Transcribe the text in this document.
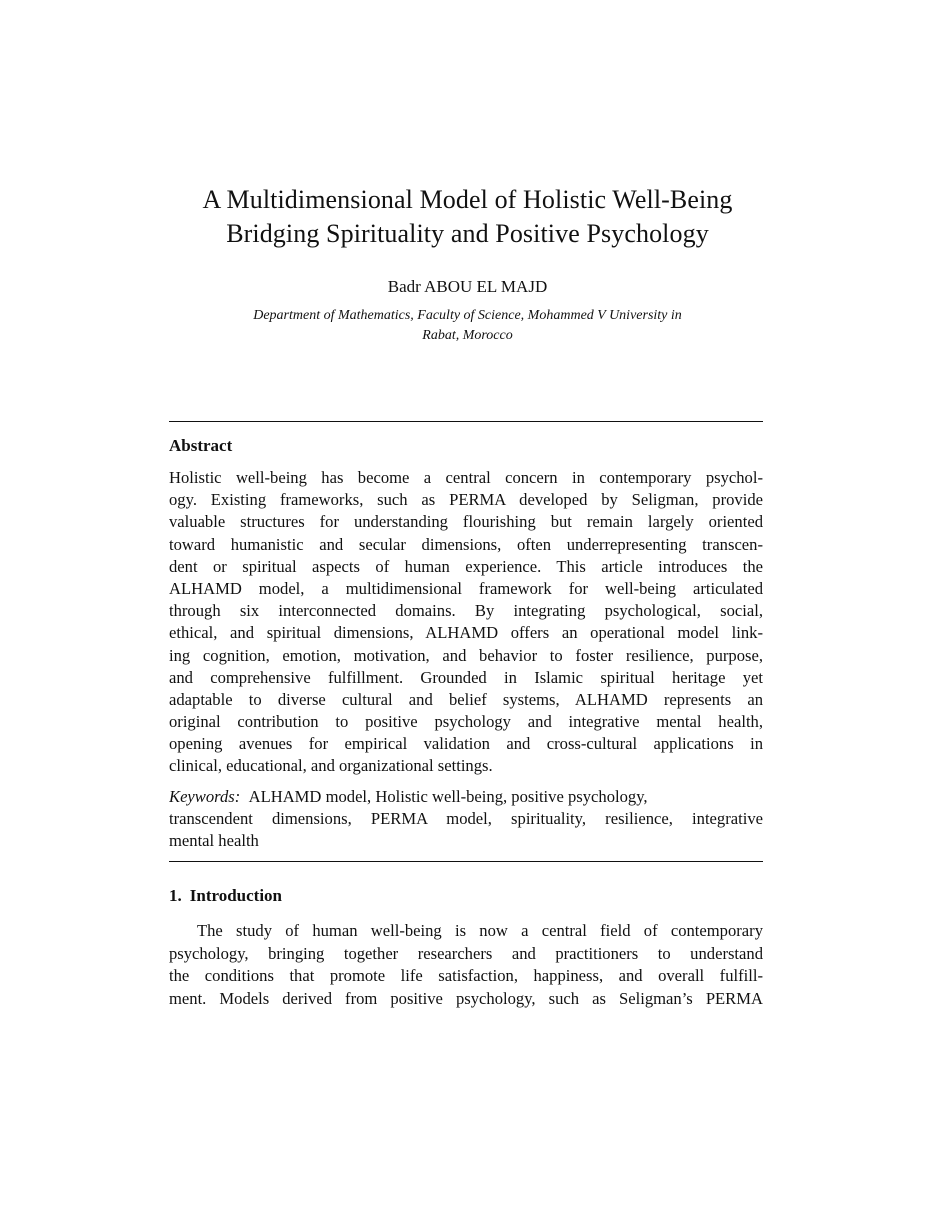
A Multidimensional Model of Holistic Well-Being
Bridging Spirituality and Positive Psychology
Badr ABOU EL MAJD
Department of Mathematics, Faculty of Science, Mohammed V University in
Rabat, Morocco
Abstract
Holistic well-being has become a central concern in contemporary psychol-
ogy. Existing frameworks, such as PERMA developed by Seligman, provide
valuable structures for understanding flourishing but remain largely oriented
toward humanistic and secular dimensions, often underrepresenting transcen-
dent or spiritual aspects of human experience. This article introduces the
ALHAMD model, a multidimensional framework for well-being articulated
through six interconnected domains. By integrating psychological, social,
ethical, and spiritual dimensions, ALHAMD offers an operational model link-
ing cognition, emotion, motivation, and behavior to foster resilience, purpose,
and comprehensive fulfillment. Grounded in Islamic spiritual heritage yet
adaptable to diverse cultural and belief systems, ALHAMD represents an
original contribution to positive psychology and integrative mental health,
opening avenues for empirical validation and cross-cultural applications in
clinical, educational, and organizational settings.
Keywords: ALHAMD model, Holistic well-being, positive psychology,
transcendent dimensions, PERMA model, spirituality, resilience, integrative
mental health
1. Introduction
The study of human well-being is now a central field of contemporary
psychology, bringing together researchers and practitioners to understand
the conditions that promote life satisfaction, happiness, and overall fulfill-
ment. Models derived from positive psychology, such as Seligman’s PERMA
